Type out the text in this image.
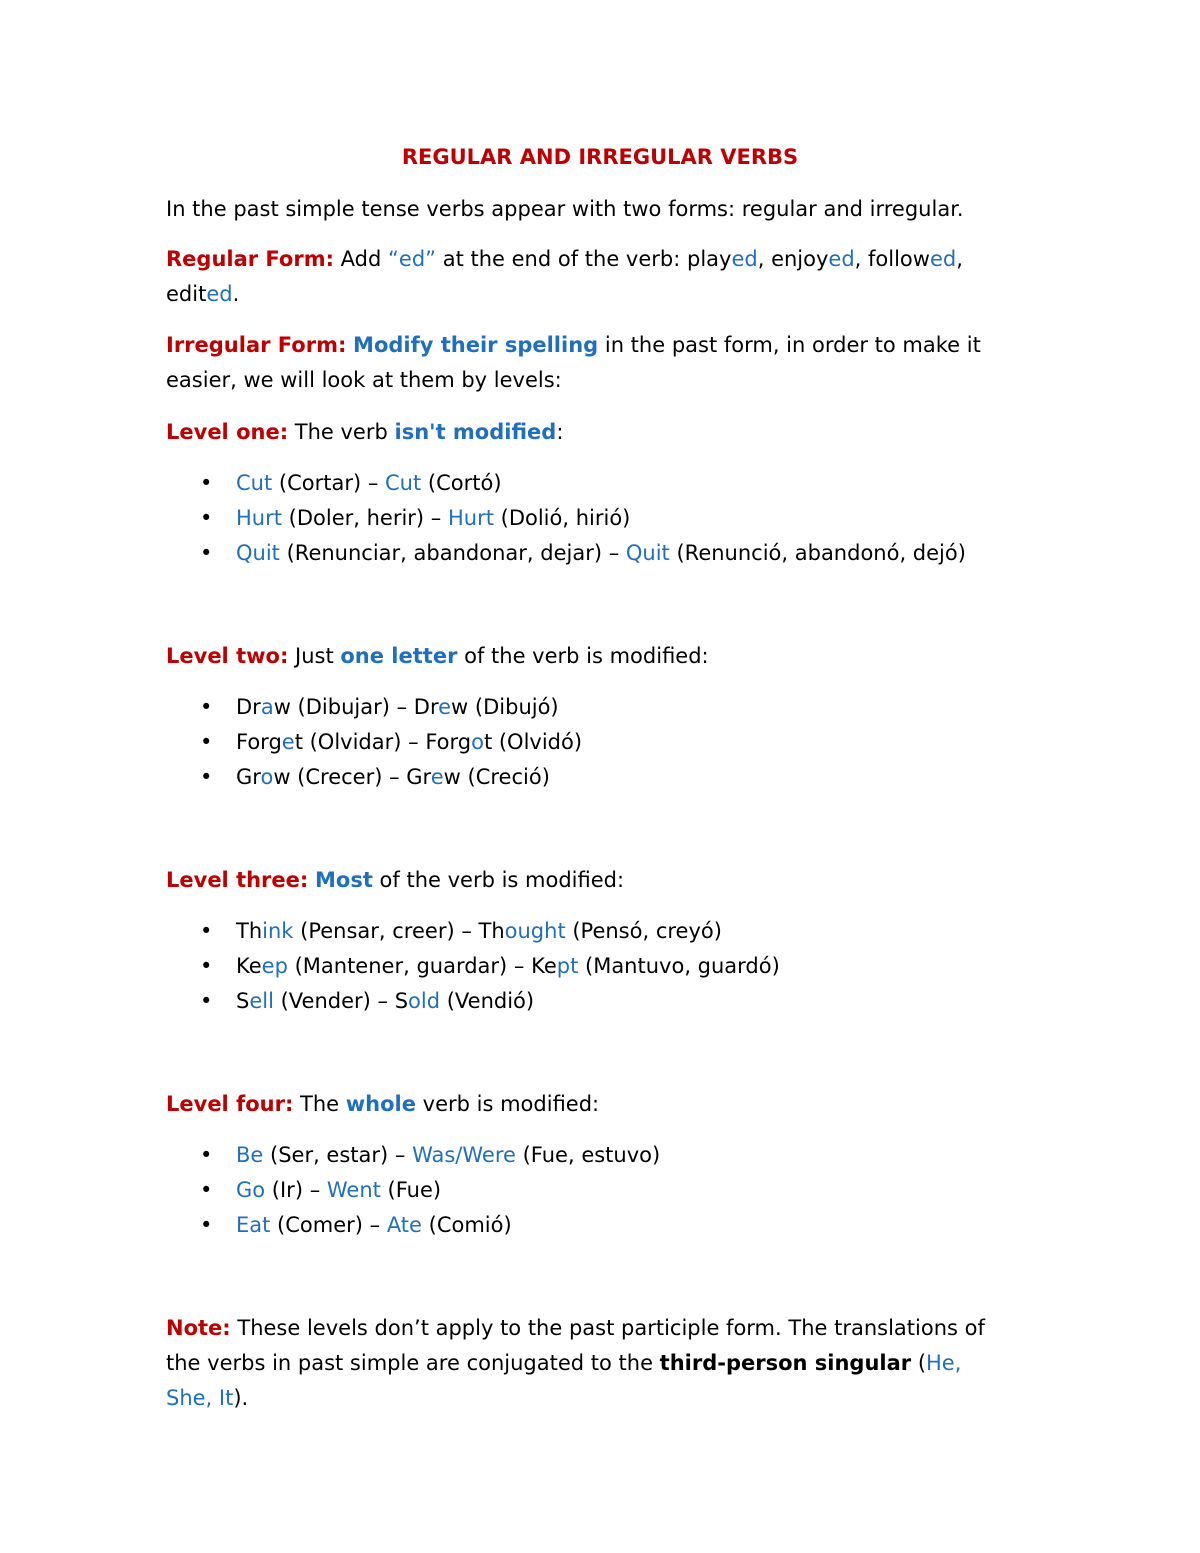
REGULAR AND IRREGULAR VERBS
In the past simple tense verbs appear with two forms: regular and irregular.
Regular Form: Add “ed” at the end of the verb: played, enjoyed, followed,
edited.
Irregular Form: Modify their spelling in the past form, in order to make it
easier, we will look at them by levels:
Level one: The verb isn't modified:
• Cut (Cortar) – Cut (Cortó)
• Hurt (Doler, herir) – Hurt (Dolió, hirió)
• Quit (Renunciar, abandonar, dejar) – Quit (Renunció, abandonó, dejó)
Level two: Just one letter of the verb is modified:
• Draw (Dibujar) – Drew (Dibujó)
• Forget (Olvidar) – Forgot (Olvidó)
• Grow (Crecer) – Grew (Creció)
Level three: Most of the verb is modified:
• Think (Pensar, creer) – Thought (Pensó, creyó)
• Keep (Mantener, guardar) – Kept (Mantuvo, guardó)
• Sell (Vender) – Sold (Vendió)
Level four: The whole verb is modified:
• Be (Ser, estar) – Was/Were (Fue, estuvo)
• Go (Ir) – Went (Fue)
• Eat (Comer) – Ate (Comió)
Note: These levels don’t apply to the past participle form. The translations of
the verbs in past simple are conjugated to the third-person singular (He,
She, It).
